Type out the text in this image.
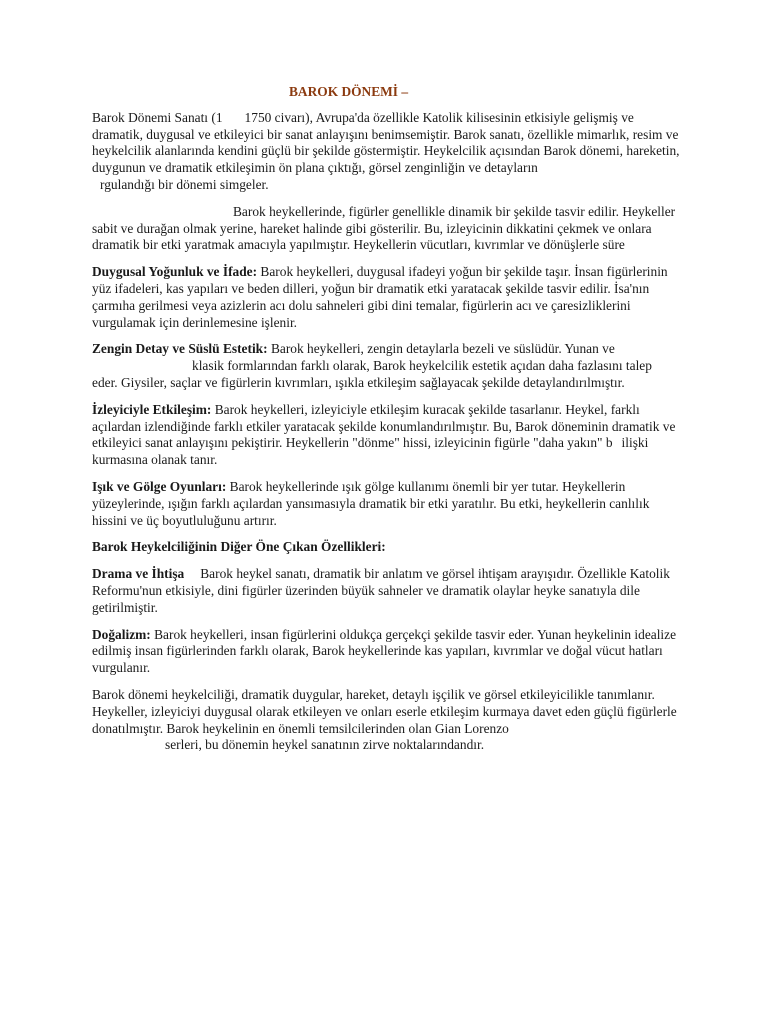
BAROK DÖNEMİ –

Barok Dönemi Sanatı (1 1750 civarı), Avrupa'da özellikle Katolik kilisesinin etkisiyle gelişmiş ve dramatik, duygusal ve etkileyici bir sanat anlayışını benimsemiştir. Barok sanatı, özellikle mimarlık, resim ve heykelcilik alanlarında kendini güçlü bir şekilde göstermiştir. Heykelcilik açısından Barok dönemi, hareketin, duygunun ve dramatik etkileşimin ön plana çıktığı, görsel zenginliğin ve detayların
rgulandığı bir dönemi simgeler.

Barok heykellerinde, figürler genellikle dinamik bir şekilde tasvir edilir. Heykeller sabit ve durağan olmak yerine, hareket halinde gibi gösterilir. Bu, izleyicinin dikkatini çekmek ve onlara dramatik bir etki yaratmak amacıyla yapılmıştır. Heykellerin vücutları, kıvrımlar ve dönüşlerle süre

Duygusal Yoğunluk ve İfade: Barok heykelleri, duygusal ifadeyi yoğun bir şekilde taşır. İnsan figürlerinin yüz ifadeleri, kas yapıları ve beden dilleri, yoğun bir dramatik etki yaratacak şekilde tasvir edilir. İsa'nın çarmıha gerilmesi veya azizlerin acı dolu sahneleri gibi dini temalar, figürlerin acı ve çaresizliklerini vurgulamak için derinlemesine işlenir.

Zengin Detay ve Süslü Estetik: Barok heykelleri, zengin detaylarla bezeli ve süslüdür. Yunan ve
klasik formlarından farklı olarak, Barok heykelcilik estetik açıdan daha fazlasını talep eder. Giysiler, saçlar ve figürlerin kıvrımları, ışıkla etkileşim sağlayacak şekilde detaylandırılmıştır.

İzleyiciyle Etkileşim: Barok heykelleri, izleyiciyle etkileşim kuracak şekilde tasarlanır. Heykel, farklı açılardan izlendiğinde farklı etkiler yaratacak şekilde konumlandırılmıştır. Bu, Barok döneminin dramatik ve etkileyici sanat anlayışını pekiştirir. Heykellerin "dönme" hissi, izleyicinin figürle "daha yakın" b ilişki kurmasına olanak tanır.

Işık ve Gölge Oyunları: Barok heykellerinde ışık gölge kullanımı önemli bir yer tutar. Heykellerin yüzeylerinde, ışığın farklı açılardan yansımasıyla dramatik bir etki yaratılır. Bu etki, heykellerin canlılık hissini ve üç boyutluluğunu artırır.

Barok Heykelciliğinin Diğer Öne Çıkan Özellikleri:

Drama ve İhtişa Barok heykel sanatı, dramatik bir anlatım ve görsel ihtişam arayışıdır. Özellikle Katolik Reformu'nun etkisiyle, dini figürler üzerinden büyük sahneler ve dramatik olaylar heyke sanatıyla dile getirilmiştir.

Doğalizm: Barok heykelleri, insan figürlerini oldukça gerçekçi şekilde tasvir eder. Yunan heykelinin idealize edilmiş insan figürlerinden farklı olarak, Barok heykellerinde kas yapıları, kıvrımlar ve doğal vücut hatları vurgulanır.

Barok dönemi heykelciliği, dramatik duygular, hareket, detaylı işçilik ve görsel etkileyicilikle tanımlanır. Heykeller, izleyiciyi duygusal olarak etkileyen ve onları eserle etkileşim kurmaya davet eden güçlü figürlerle donatılmıştır. Barok heykelinin en önemli temsilcilerinden olan Gian Lorenzo
serleri, bu dönemin heykel sanatının zirve noktalarındandır.
